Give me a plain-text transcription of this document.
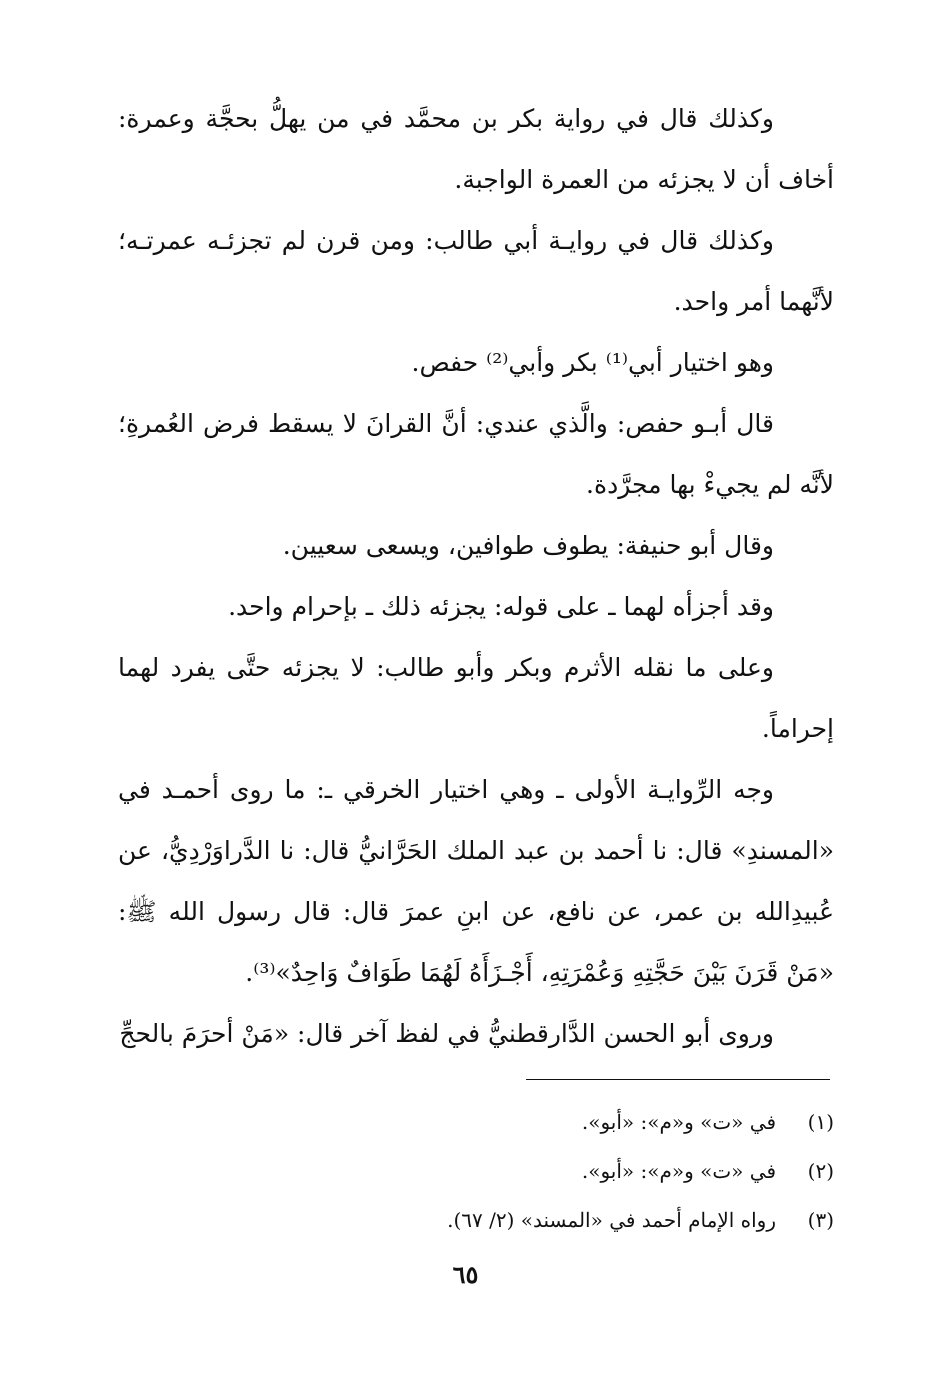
وكذلك قال في رواية بكر بن محمَّد في من يهلُّ بحجَّة وعمرة: أخاف أن لا يجزئه من العمرة الواجبة.

وكذلك قال في روايـة أبي طالب: ومن قرن لم تجزئـه عمرتـه؛ لأنَّهما أمر واحد.

وهو اختيار أبي⁽¹⁾ بكر وأبي⁽²⁾ حفص.

قال أبـو حفص: والَّذي عندي: أنَّ القرانَ لا يسقط فرض العُمرةِ؛ لأنَّه لم يجيءْ بها مجرَّدة.

وقال أبو حنيفة: يطوف طوافين، ويسعى سعيين.

وقد أجزأه لهما ـ على قوله: يجزئه ذلك ـ بإحرام واحد.

وعلى ما نقله الأثرم وبكر وأبو طالب: لا يجزئه حتَّى يفرد لهما إحراماً.

وجه الرِّوايـة الأولى ـ وهي اختيار الخرقي ـ: ما روى أحمـد في «المسندِ» قال: نا أحمد بن عبد الملك الحَرَّانيُّ قال: نا الدَّراوَرْدِيُّ، عن عُبيدِالله بن عمر، عن نافع، عن ابنِ عمرَ قال: قال رسول الله ﷺ: «مَنْ قَرَنَ بَيْنَ حَجَّتِهِ وَعُمْرَتِهِ، أَجْـزَأَهُ لَهُمَا طَوَافٌ وَاحِدٌ»⁽³⁾.

وروى أبو الحسن الدَّارقطنيُّ في لفظ آخر قال: «مَنْ أحرَمَ بالحجِّ

(١)
في «ت» و«م»: «أبو».
(٢)
في «ت» و«م»: «أبو».
(٣)
رواه الإمام أحمد في «المسند» (٢/ ٦٧).
٦٥
